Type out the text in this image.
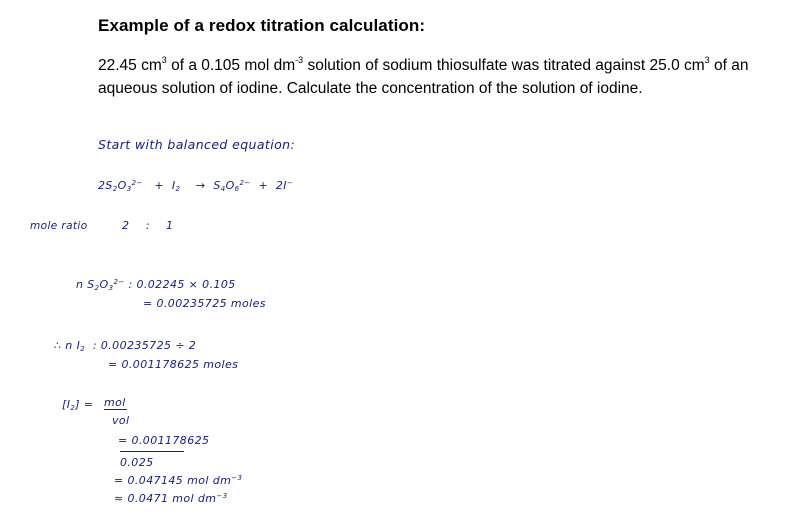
Example of a redox titration calculation:
22.45 $cm^3$ of a 0.105 mol $dm^{-3}$ solution of sodium thiosulfate was titrated against 25.0 $cm^3$ of an aqueous solution of iodine. Calculate the concentration of the solution of iodine.
Start with balanced equation:
$2S_2O_3^{2-} + I_2 \to S_4O_6^{2-} + 2I^-$
mole ratio	2 : 1
n $S_2O_3^{2-}$ : 0.02245 × 0.105
= 0.00235725 moles
∴ n $I_2$ : 0.00235725 ÷ 2
= 0.001178625 moles
$[I_2]$ = mol
vol
= 0.001178625
0.025
= 0.047145 mol $dm^{-3}$
≈ 0.0471 mol $dm^{-3}$
